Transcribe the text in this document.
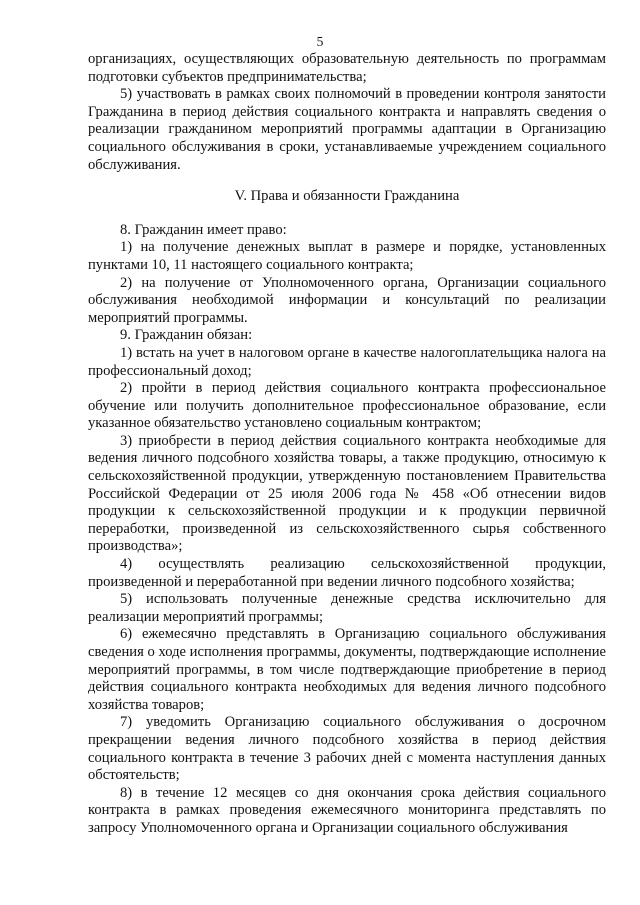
5

организациях, осуществляющих образовательную деятельность по программам подготовки субъектов предпринимательства;

5) участвовать в рамках своих полномочий в проведении контроля занятости Гражданина в период действия социального контракта и направлять сведения о реализации гражданином мероприятий программы адаптации в Организацию социального обслуживания в сроки, устанавливаемые учреждением социального обслуживания.

V. Права и обязанности Гражданина

8. Гражданин имеет право:

1) на получение денежных выплат в размере и порядке, установленных пунктами 10, 11 настоящего социального контракта;

2) на получение от Уполномоченного органа, Организации социального обслуживания необходимой информации и консультаций по реализации мероприятий программы.

9. Гражданин обязан:

1) встать на учет в налоговом органе в качестве налогоплательщика налога на профессиональный доход;

2) пройти в период действия социального контракта профессиональное обучение или получить дополнительное профессиональное образование, если указанное обязательство установлено социальным контрактом;

3) приобрести в период действия социального контракта необходимые для ведения личного подсобного хозяйства товары, а также продукцию, относимую к сельскохозяйственной продукции, утвержденную постановлением Правительства Российской Федерации от 25 июля 2006 года № 458 «Об отнесении видов продукции к сельскохозяйственной продукции и к продукции первичной переработки, произведенной из сельскохозяйственного сырья собственного производства»;

4) осуществлять реализацию сельскохозяйственной продукции, произведенной и переработанной при ведении личного подсобного хозяйства;

5) использовать полученные денежные средства исключительно для реализации мероприятий программы;

6) ежемесячно представлять в Организацию социального обслуживания сведения о ходе исполнения программы, документы, подтверждающие исполнение мероприятий программы, в том числе подтверждающие приобретение в период действия социального контракта необходимых для ведения личного подсобного хозяйства товаров;

7) уведомить Организацию социального обслуживания о досрочном прекращении ведения личного подсобного хозяйства в период действия социального контракта в течение 3 рабочих дней с момента наступления данных обстоятельств;

8) в течение 12 месяцев со дня окончания срока действия социального контракта в рамках проведения ежемесячного мониторинга представлять по запросу Уполномоченного органа и Организации социального обслуживания
